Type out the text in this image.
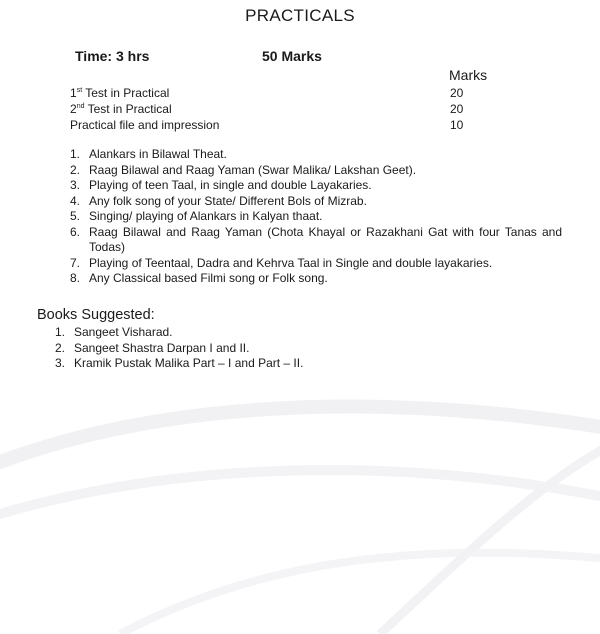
PRACTICALS
Time: 3 hrs	50 Marks
Marks
1st Test in Practical	20
2nd Test in Practical	20
Practical file and impression	10
1. Alankars in Bilawal Theat.
2. Raag Bilawal and Raag Yaman (Swar Malika/ Lakshan Geet).
3. Playing of teen Taal, in single and double Layakaries.
4. Any folk song of your State/ Different Bols of Mizrab.
5. Singing/ playing of Alankars in Kalyan thaat.
6. Raag Bilawal and Raag Yaman (Chota Khayal or Razakhani Gat with four Tanas and Todas)
7. Playing of Teentaal, Dadra and Kehrva Taal in Single and double layakaries.
8. Any Classical based Filmi song or Folk song.
Books Suggested:
1. Sangeet Visharad.
2. Sangeet Shastra Darpan I and II.
3. Kramik Pustak Malika Part – I and Part – II.
